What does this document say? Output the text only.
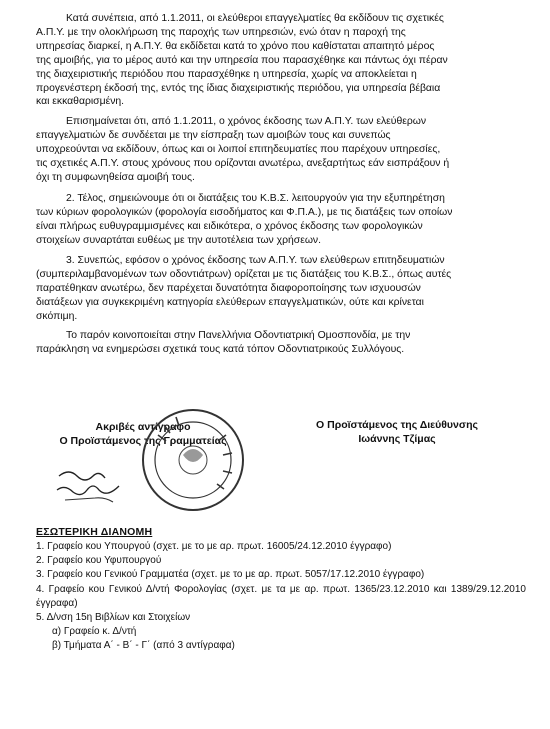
Κατά συνέπεια, από 1.1.2011, οι ελεύθεροι επαγγελματίες θα εκδίδουν τις σχετικές
Α.Π.Υ. με την ολοκλήρωση της παροχής των υπηρεσιών, ενώ όταν η παροχή της
υπηρεσίας διαρκεί, η Α.Π.Υ. θα εκδίδεται κατά το χρόνο που καθίσταται απαιτητό μέρος
της αμοιβής, για το μέρος αυτό και την υπηρεσία που παρασχέθηκε και πάντως όχι πέραν
της διαχειριστικής περιόδου που παρασχέθηκε η υπηρεσία, χωρίς να αποκλείεται η
προγενέστερη έκδοσή της, εντός της ίδιας διαχειριστικής περιόδου, για υπηρεσία βέβαια
και εκκαθαρισμένη.

Επισημαίνεται ότι, από 1.1.2011, ο χρόνος έκδοσης των Α.Π.Υ. των ελεύθερων
επαγγελματιών δε συνδέεται με την είσπραξη των αμοιβών τους και συνεπώς
υποχρεούνται να εκδίδουν, όπως και οι λοιποί επιτηδευματίες που παρέχουν υπηρεσίες,
τις σχετικές Α.Π.Υ. στους χρόνους που ορίζονται ανωτέρω, ανεξαρτήτως εάν εισπράξουν ή
όχι τη συμφωνηθείσα αμοιβή τους.

2. Τέλος, σημειώνουμε ότι οι διατάξεις του Κ.Β.Σ. λειτουργούν για την εξυπηρέτηση
των κύριων φορολογικών (φορολογία εισοδήματος και Φ.Π.Α.), με τις διατάξεις των οποίων
είναι πλήρως ευθυγραμμισμένες και ειδικότερα, ο χρόνος έκδοσης των φορολογικών
στοιχείων συναρτάται ευθέως με την αυτοτέλεια των χρήσεων.

3. Συνεπώς, εφόσον ο χρόνος έκδοσης των Α.Π.Υ. των ελεύθερων επιτηδευματιών
(συμπεριλαμβανομένων των οδοντιάτρων) ορίζεται με τις διατάξεις του Κ.Β.Σ., όπως αυτές
παρατέθηκαν ανωτέρω, δεν παρέχεται δυνατότητα διαφοροποίησης των ισχυουσών
διατάξεων για συγκεκριμένη κατηγορία ελεύθερων επαγγελματικών, ούτε και κρίνεται
σκόπιμη.

Το παρόν κοινοποιείται στην Πανελλήνια Οδοντιατρική Ομοσπονδία, με την
παράκληση να ενημερώσει σχετικά τους κατά τόπον Οδοντιατρικούς Συλλόγους.

Ακριβές αντίγραφο
Ο Προϊστάμενος της Γραμματείας
Ο Προϊστάμενος της Διεύθυνσης
Ιωάννης Τζίμας
ΕΣΩΤΕΡΙΚΗ ΔΙΑΝΟΜΗ
1. Γραφείο κου Υπουργού (σχετ. με το με αρ. πρωτ. 16005/24.12.2010 έγγραφο)
2. Γραφείο κου Υφυπουργού
3. Γραφείο κου Γενικού Γραμματέα (σχετ. με το με αρ. πρωτ. 5057/17.12.2010 έγγραφο)
4. Γραφείο κου Γενικού Δ/ντή Φορολογίας (σχετ. με τα με αρ. πρωτ. 1365/23.12.2010 και 1389/29.12.2010 έγγραφα)
5. Δ/νση 15η Βιβλίων και Στοιχείων
α) Γραφείο κ. Δ/ντή
β) Τμήματα Α΄ - Β΄ - Γ΄ (από 3 αντίγραφα)
